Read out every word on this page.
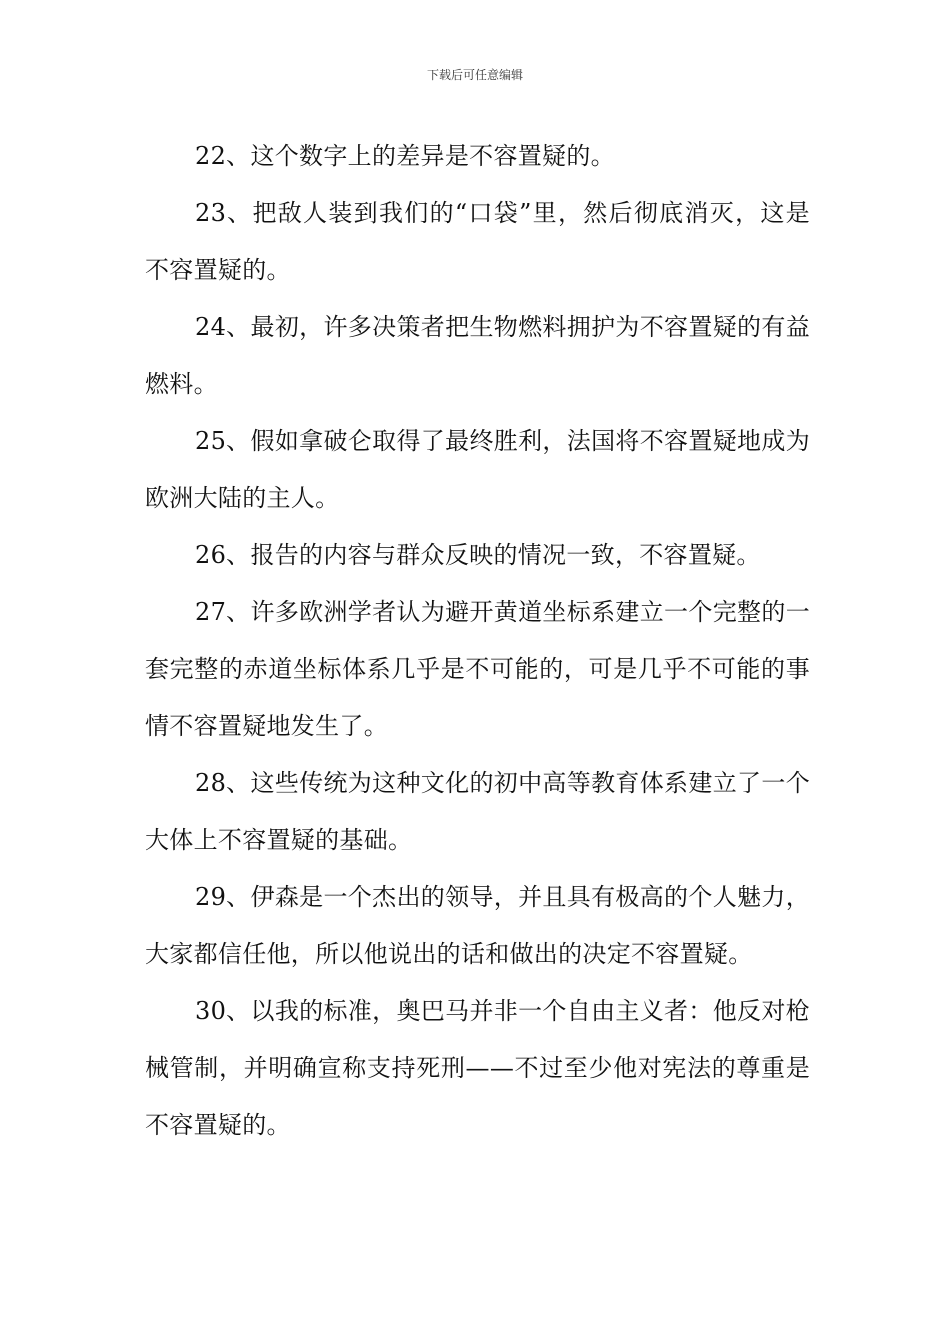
下载后可任意编辑

22、这个数字上的差异是不容置疑的。

23、把敌人装到我们的“口袋”里，然后彻底消灭，这是不容置疑的。

24、最初，许多决策者把生物燃料拥护为不容置疑的有益燃料。

25、假如拿破仑取得了最终胜利，法国将不容置疑地成为欧洲大陆的主人。

26、报告的内容与群众反映的情况一致，不容置疑。

27、许多欧洲学者认为避开黄道坐标系建立一个完整的一套完整的赤道坐标体系几乎是不可能的，可是几乎不可能的事情不容置疑地发生了。

28、这些传统为这种文化的初中高等教育体系建立了一个大体上不容置疑的基础。

29、伊森是一个杰出的领导，并且具有极高的个人魅力，大家都信任他，所以他说出的话和做出的决定不容置疑。

30、以我的标准，奥巴马并非一个自由主义者：他反对枪械管制，并明确宣称支持死刑——不过至少他对宪法的尊重是不容置疑的。
